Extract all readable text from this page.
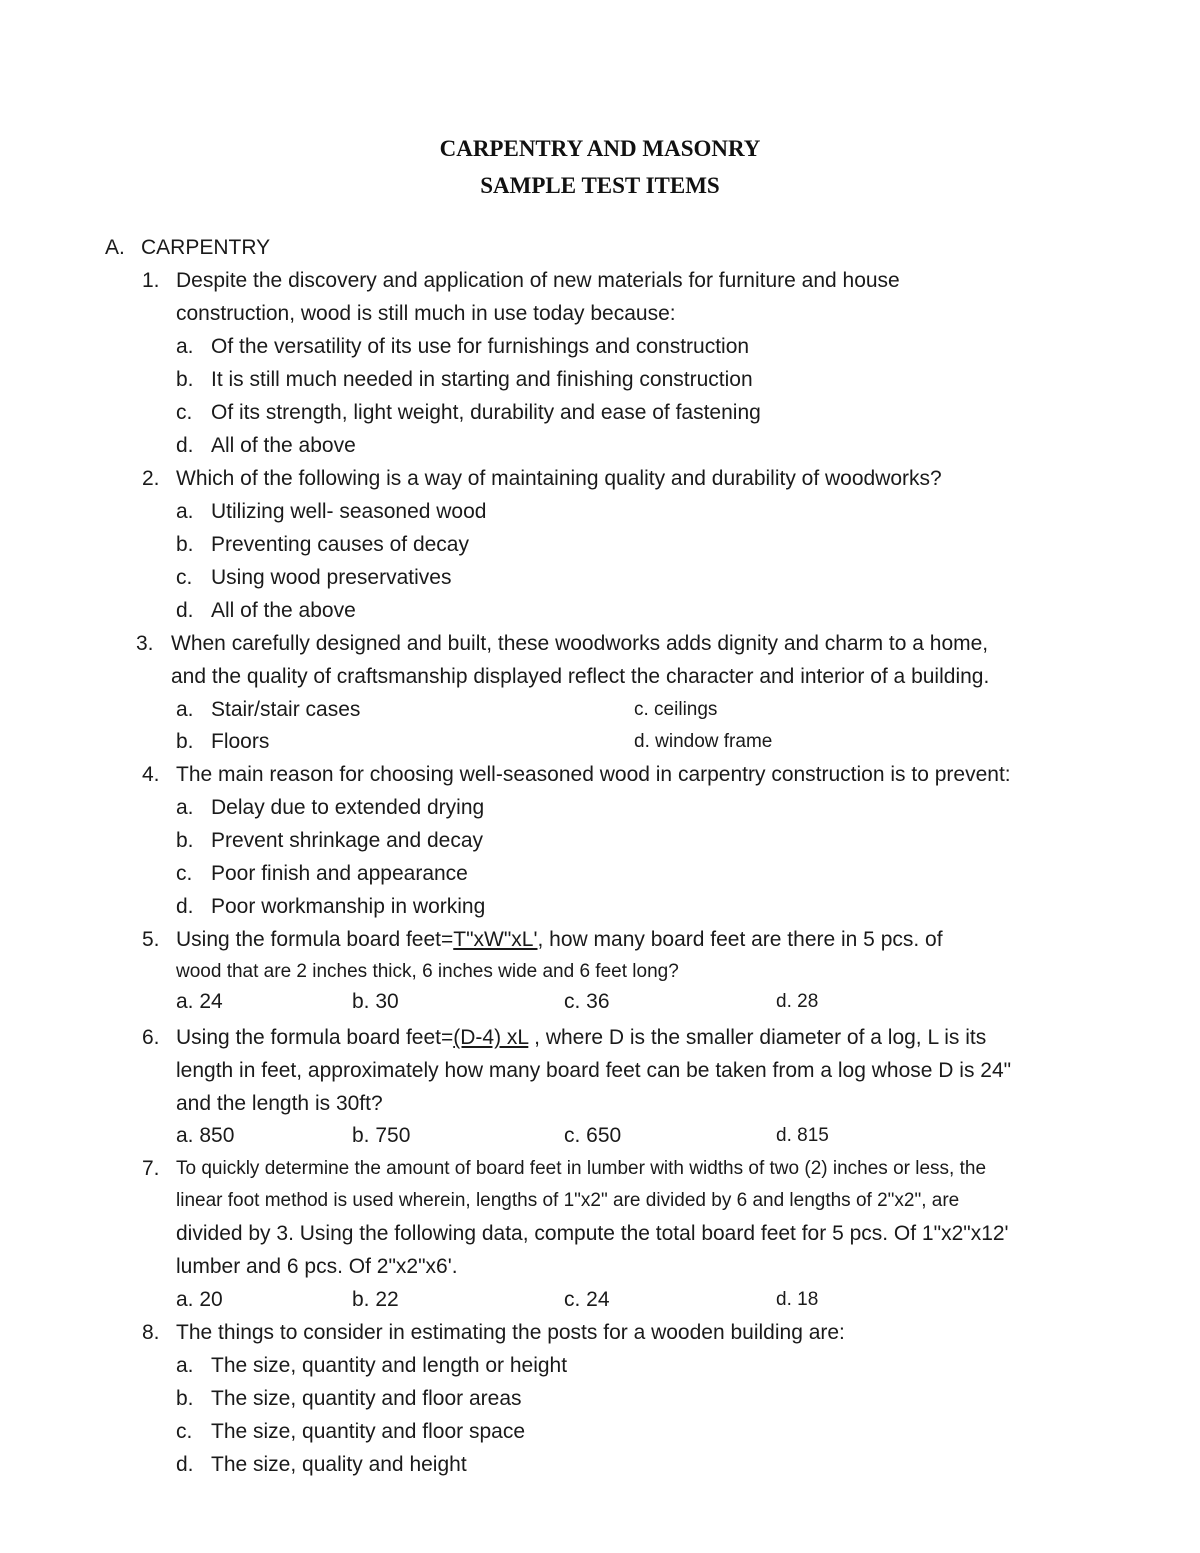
CARPENTRY AND MASONRY
SAMPLE TEST ITEMS
A. CARPENTRY
1. Despite the discovery and application of new materials for furniture and house
construction, wood is still much in use today because:
a. Of the versatility of its use for furnishings and construction
b. It is still much needed in starting and finishing construction
c. Of its strength, light weight, durability and ease of fastening
d. All of the above
2. Which of the following is a way of maintaining quality and durability of woodworks?
a. Utilizing well- seasoned wood
b. Preventing causes of decay
c. Using wood preservatives
d. All of the above
3. When carefully designed and built, these woodworks adds dignity and charm to a home,
and the quality of craftsmanship displayed reflect the character and interior of a building.
a. Stair/stair cases	c. ceilings
b. Floors	d. window frame
4. The main reason for choosing well-seasoned wood in carpentry construction is to prevent:
a. Delay due to extended drying
b. Prevent shrinkage and decay
c. Poor finish and appearance
d. Poor workmanship in working
5. Using the formula board feet=T"xW"xL', how many board feet are there in 5 pcs. of
wood that are 2 inches thick, 6 inches wide and 6 feet long?
a. 24	b. 30	c. 36	d. 28
6. Using the formula board feet=(D-4) xL , where D is the smaller diameter of a log, L is its
length in feet, approximately how many board feet can be taken from a log whose D is 24"
and the length is 30ft?
a. 850	b. 750	c. 650	d. 815
7. To quickly determine the amount of board feet in lumber with widths of two (2) inches or less, the
linear foot method is used wherein, lengths of 1"x2" are divided by 6 and lengths of 2"x2", are
divided by 3. Using the following data, compute the total board feet for 5 pcs. Of 1"x2"x12'
lumber and 6 pcs. Of 2"x2"x6'.
a. 20	b. 22	c. 24	d. 18
8. The things to consider in estimating the posts for a wooden building are:
a. The size, quantity and length or height
b. The size, quantity and floor areas
c. The size, quantity and floor space
d. The size, quality and height
